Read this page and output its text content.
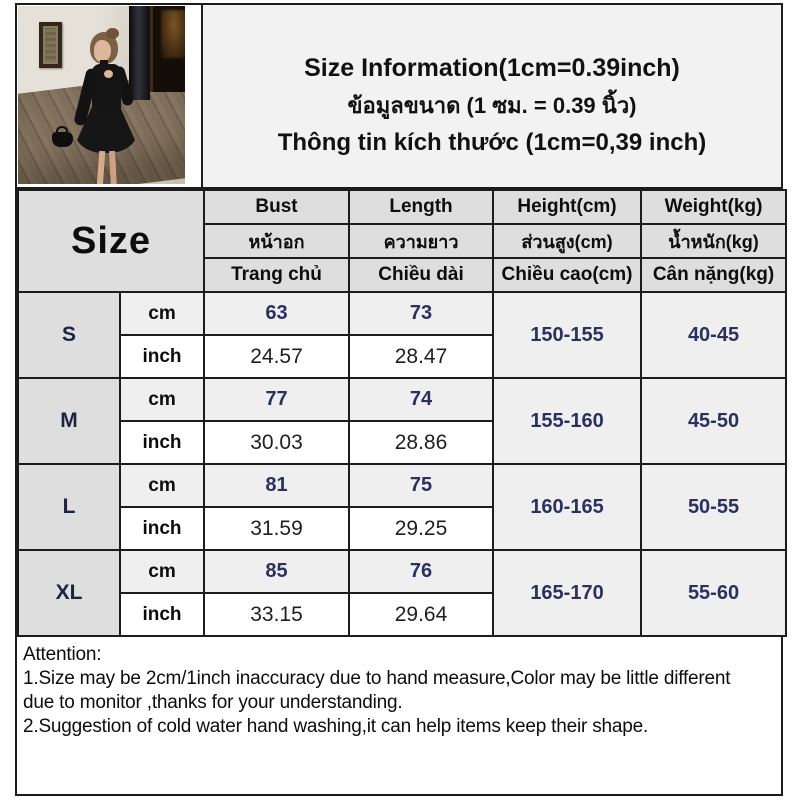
Size Information(1cm=0.39inch)
ข้อมูลขนาด (1 ซม. = 0.39 นิ้ว)
Thông tin kích thước (1cm=0,39 inch)
Size		Bust	Length	Height(cm)	Weight(kg)
		หน้าอก	ความยาว	ส่วนสูง(cm)	น้ำหนัก(kg)
		Trang chủ	Chiều dài	Chiều cao(cm)	Cân nặng(kg)
S	cm	63	73	150-155	40-45
	inch	24.57	28.47		
M	cm	77	74	155-160	45-50
	inch	30.03	28.86		
L	cm	81	75	160-165	50-55
	inch	31.59	29.25		
XL	cm	85	76	165-170	55-60
	inch	33.15	29.64		
Attention:
1.Size may be 2cm/1inch inaccuracy due to hand measure,Color may be little different
due to monitor ,thanks for your understanding.
2.Suggestion of cold water hand washing,it can help items keep their shape.
